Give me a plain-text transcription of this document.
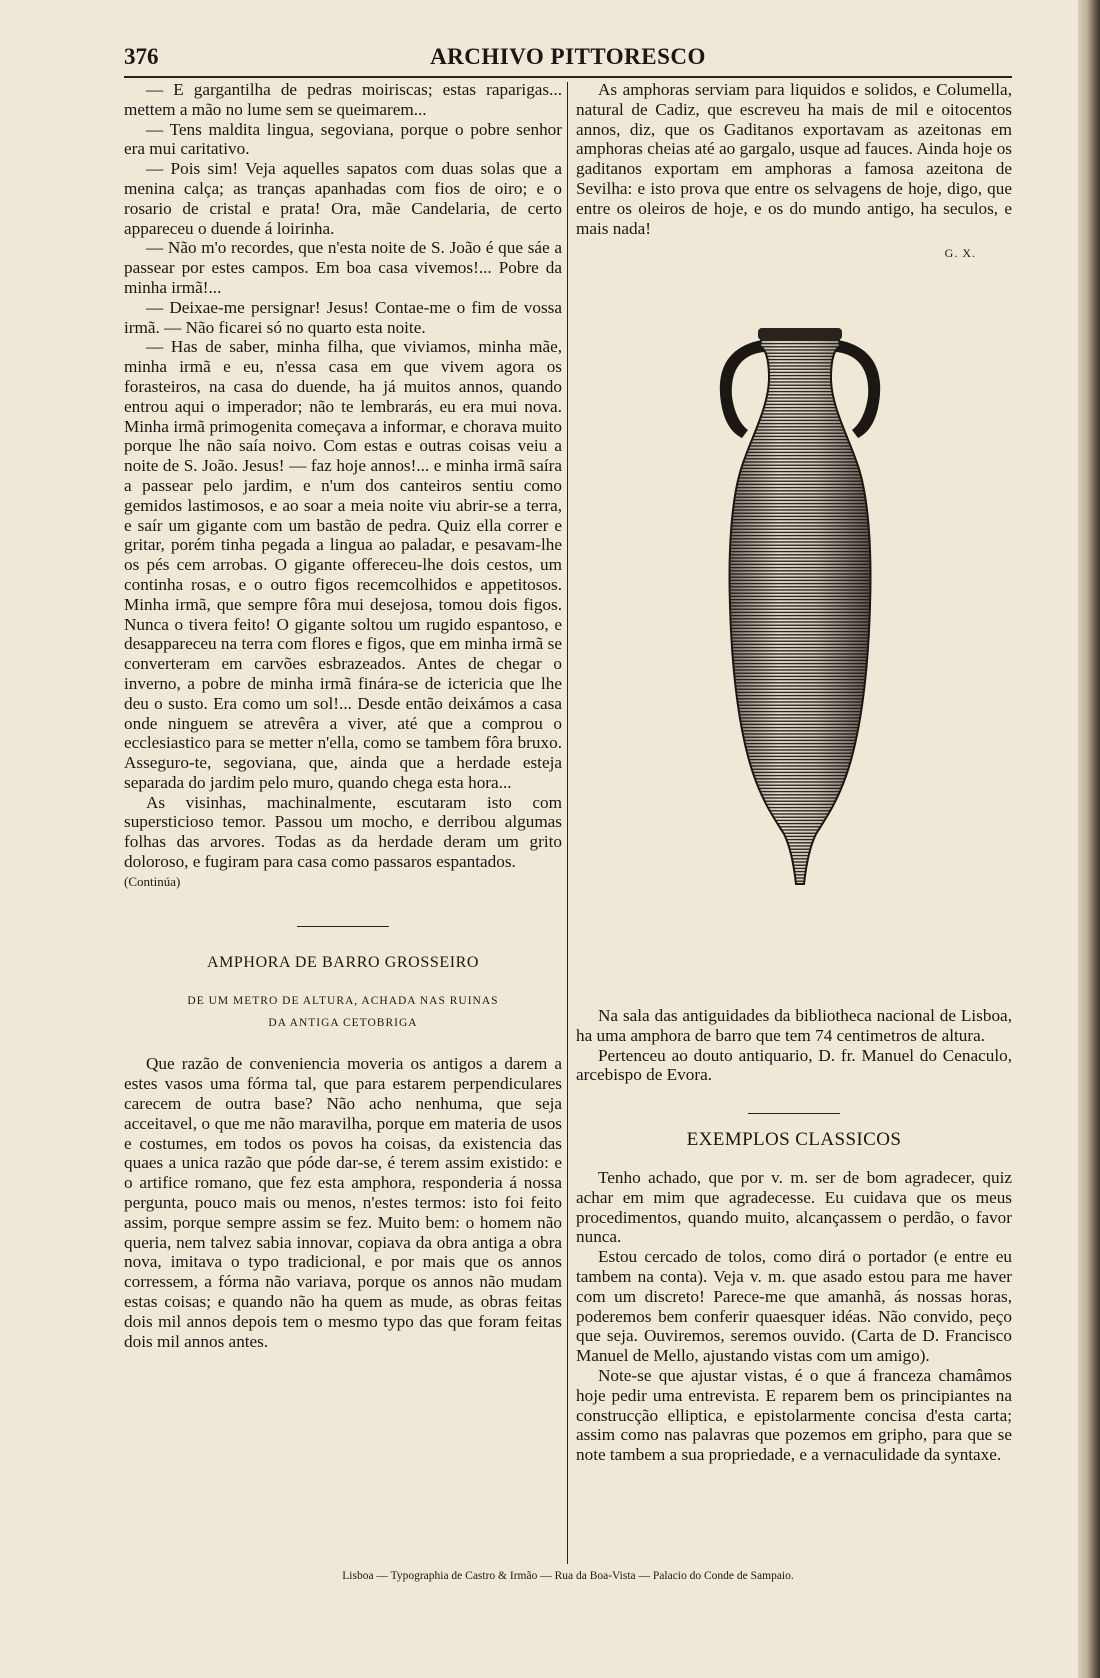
376	ARCHIVO PITTORESCO

— E gargantilha de pedras moiriscas; estas raparigas... mettem a mão no lume sem se queimarem...

— Tens maldita lingua, segoviana, porque o pobre senhor era mui caritativo.

— Pois sim! Veja aquelles sapatos com duas solas que a menina calça; as tranças apanhadas com fios de oiro; e o rosario de cristal e prata! Ora, mãe Candelaria, de certo appareceu o duende á loirinha.

— Não m'o recordes, que n'esta noite de S. João é que sáe a passear por estes campos. Em boa casa vivemos!... Pobre da minha irmã!...

— Deixae-me persignar! Jesus! Contae-me o fim de vossa irmã. — Não ficarei só no quarto esta noite.

— Has de saber, minha filha, que viviamos, minha mãe, minha irmã e eu, n'essa casa em que vivem agora os forasteiros, na casa do duende, ha já muitos annos, quando entrou aqui o imperador; não te lembrarás, eu era mui nova. Minha irmã primogenita começava a informar, e chorava muito porque lhe não saía noivo. Com estas e outras coisas veiu a noite de S. João. Jesus! — faz hoje annos!... e minha irmã saíra a passear pelo jardim, e n'um dos canteiros sentiu como gemidos lastimosos, e ao soar a meia noite viu abrir-se a terra, e saír um gigante com um bastão de pedra. Quiz ella correr e gritar, porém tinha pegada a lingua ao paladar, e pesavam-lhe os pés cem arrobas. O gigante offereceu-lhe dois cestos, um continha rosas, e o outro figos recemcolhidos e appetitosos. Minha irmã, que sempre fôra mui desejosa, tomou dois figos. Nunca o tivera feito! O gigante soltou um rugido espantoso, e desappareceu na terra com flores e figos, que em minha irmã se converteram em carvões esbrazeados. Antes de chegar o inverno, a pobre de minha irmã finára-se de ictericia que lhe deu o susto. Era como um sol!... Desde então deixámos a casa onde ninguem se atrevêra a viver, até que a comprou o ecclesiastico para se metter n'ella, como se tambem fôra bruxo. Asseguro-te, segoviana, que, ainda que a herdade esteja separada do jardim pelo muro, quando chega esta hora...

As visinhas, machinalmente, escutaram isto com supersticioso temor. Passou um mocho, e derribou algumas folhas das arvores. Todas as da herdade deram um grito doloroso, e fugiram para casa como passaros espantados.

(Continúa)

AMPHORA DE BARRO GROSSEIRO
DE UM METRO DE ALTURA, ACHADA NAS RUINAS
DA ANTIGA CETOBRIGA

Que razão de conveniencia moveria os antigos a darem a estes vasos uma fórma tal, que para estarem perpendiculares carecem de outra base? Não acho nenhuma, que seja acceitavel, o que me não maravilha, porque em materia de usos e costumes, em todos os povos ha coisas, da existencia das quaes a unica razão que póde dar-se, é terem assim existido: e o artifice romano, que fez esta amphora, responderia á nossa pergunta, pouco mais ou menos, n'estes termos: isto foi feito assim, porque sempre assim se fez. Muito bem: o homem não queria, nem talvez sabia innovar, copiava da obra antiga a obra nova, imitava o typo tradicional, e por mais que os annos corressem, a fórma não variava, porque os annos não mudam estas coisas; e quando não ha quem as mude, as obras feitas dois mil annos depois tem o mesmo typo das que foram feitas dois mil annos antes.

As amphoras serviam para liquidos e solidos, e Columella, natural de Cadiz, que escreveu ha mais de mil e oitocentos annos, diz, que os Gaditanos exportavam as azeitonas em amphoras cheias até ao gargalo, usque ad fauces. Ainda hoje os gaditanos exportam em amphoras a famosa azeitona de Sevilha: e isto prova que entre os selvagens de hoje, digo, que entre os oleiros de hoje, e os do mundo antigo, ha seculos, e mais nada!

G. X.

Na sala das antiguidades da bibliotheca nacional de Lisboa, ha uma amphora de barro que tem 74 centimetros de altura.

Pertenceu ao douto antiquario, D. fr. Manuel do Cenaculo, arcebispo de Evora.

EXEMPLOS CLASSICOS

Tenho achado, que por v. m. ser de bom agradecer, quiz achar em mim que agradecesse. Eu cuidava que os meus procedimentos, quando muito, alcançassem o perdão, o favor nunca.

Estou cercado de tolos, como dirá o portador (e entre eu tambem na conta). Veja v. m. que asado estou para me haver com um discreto! Parece-me que amanhã, ás nossas horas, poderemos bem conferir quaesquer idéas. Não convido, peço que seja. Ouviremos, seremos ouvido. (Carta de D. Francisco Manuel de Mello, ajustando vistas com um amigo).

Note-se que ajustar vistas, é o que á franceza chamâmos hoje pedir uma entrevista. E reparem bem os principiantes na construcção elliptica, e epistolarmente concisa d'esta carta; assim como nas palavras que pozemos em gripho, para que se note tambem a sua propriedade, e a vernaculidade da syntaxe.

Lisboa — Typographia de Castro & Irmão — Rua da Boa-Vista — Palacio do Conde de Sampaio.
